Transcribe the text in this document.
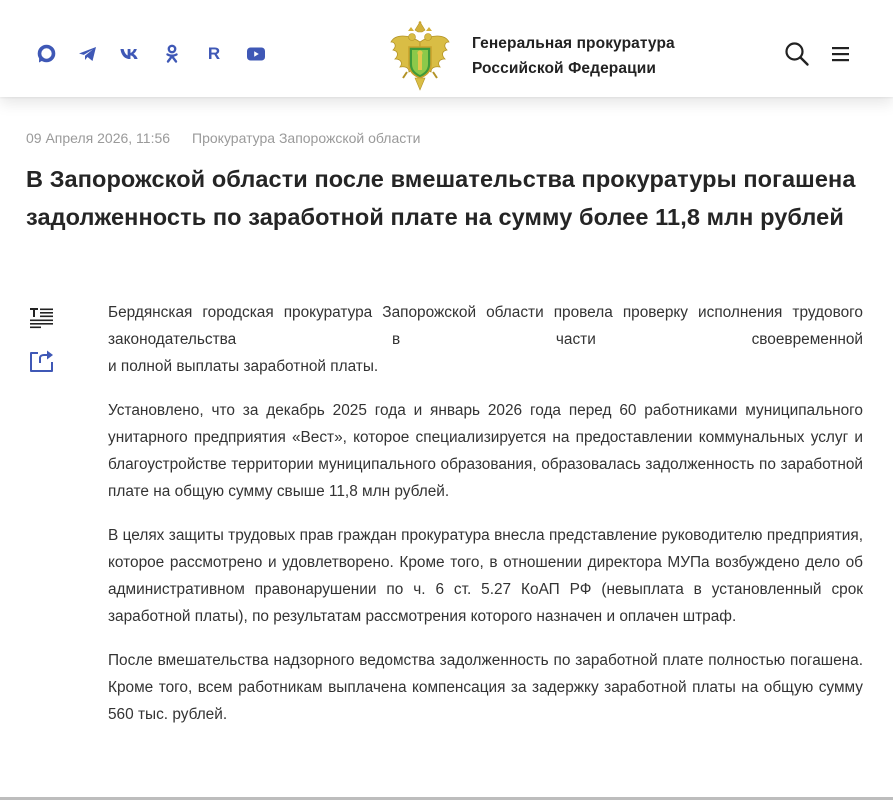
R
Генеральная прокуратура
Российской Федерации
09 Апреля 2026, 11:56 Прокуратура Запорожской области
В Запорожской области после вмешательства прокуратуры погашена задолженность по заработной плате на сумму более 11,8 млн рублей

Бердянская городская прокуратура Запорожской области провела проверку исполнения трудового законодательства в части своевременной
и полной выплаты заработной платы.

Установлено, что за декабрь 2025 года и январь 2026 года перед 60 работниками муниципального унитарного предприятия «Вест», которое специализируется на предоставлении коммунальных услуг и благоустройстве территории муниципального образования, образовалась задолженность по заработной плате на общую сумму свыше 11,8 млн рублей.

В целях защиты трудовых прав граждан прокуратура внесла представление руководителю предприятия, которое рассмотрено и удовлетворено. Кроме того, в отношении директора МУПа возбуждено дело об административном правонарушении по ч. 6 ст. 5.27 КоАП РФ (невыплата в установленный срок заработной платы), по результатам рассмотрения которого назначен и оплачен штраф.

После вмешательства надзорного ведомства задолженность по заработной плате полностью погашена. Кроме того, всем работникам выплачена компенсация за задержку заработной платы на общую сумму 560 тыс. рублей.
